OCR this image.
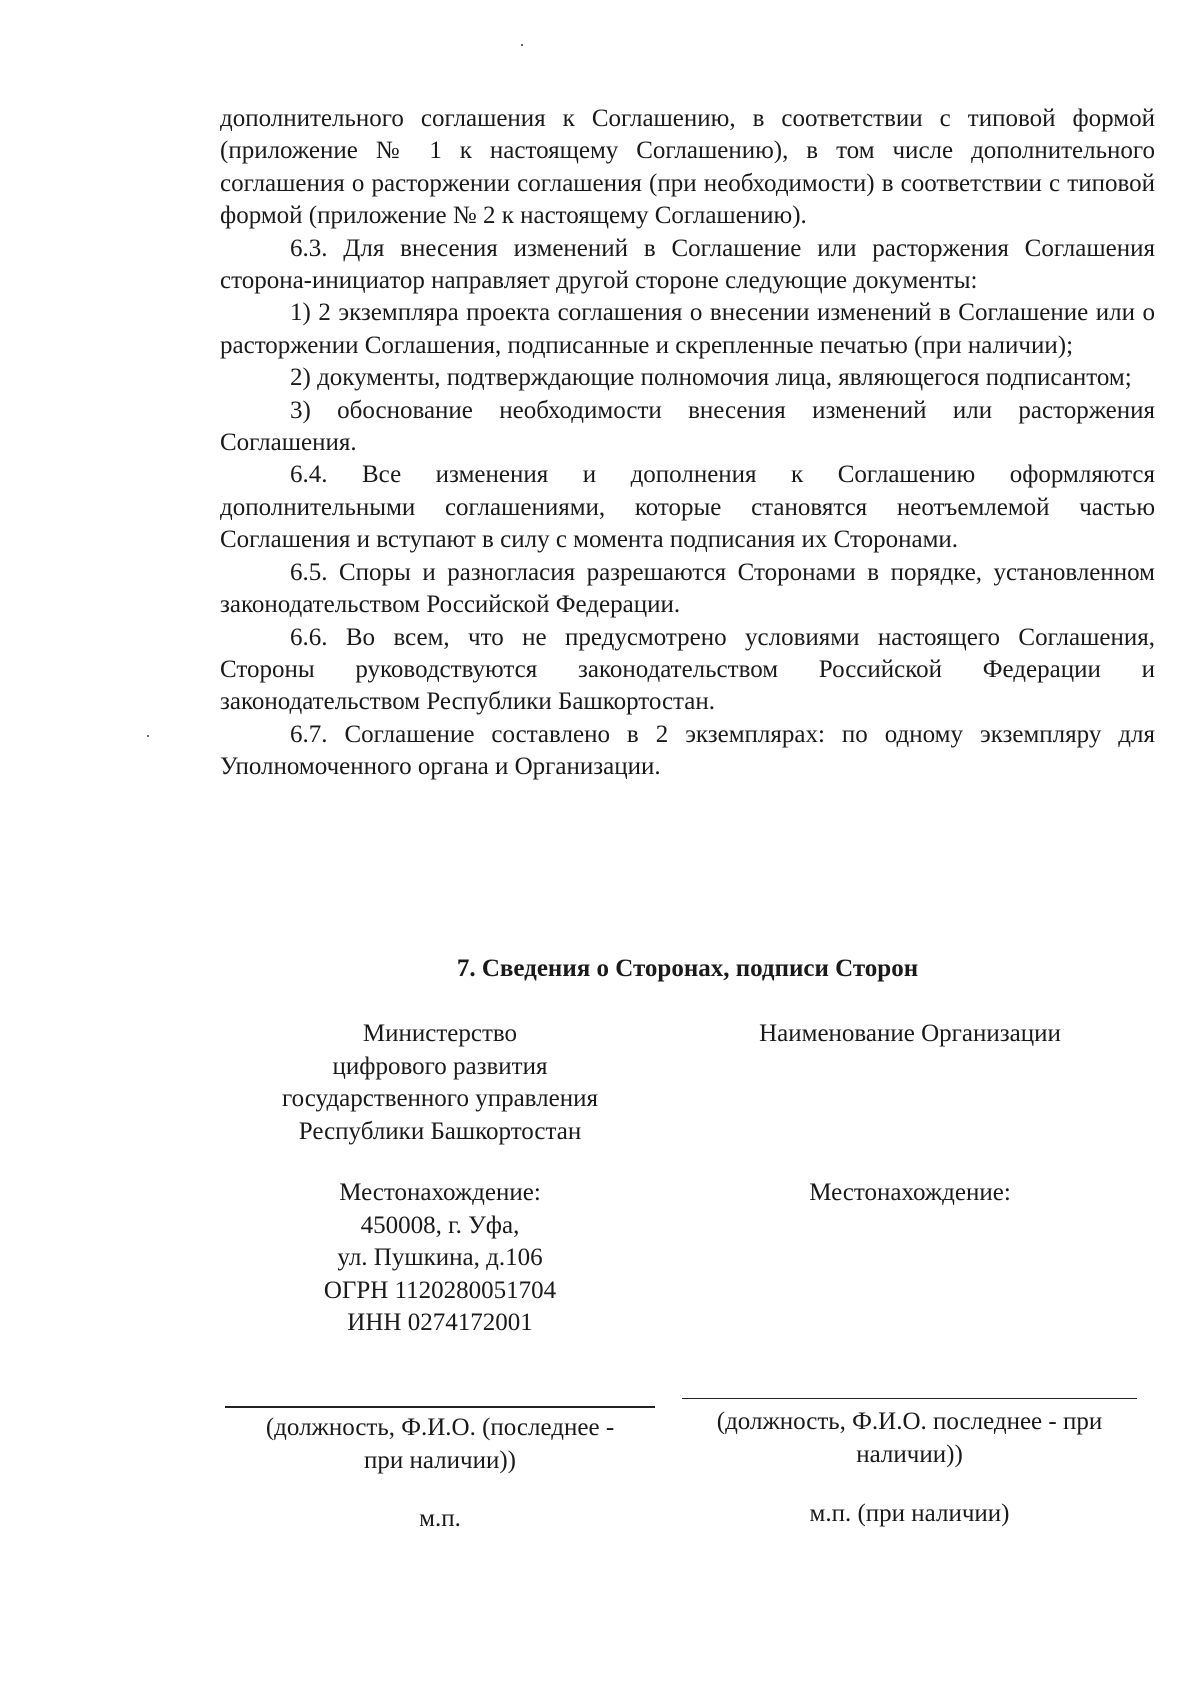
дополнительного соглашения к Соглашению, в соответствии с типовой формой (приложение № 1 к настоящему Соглашению), в том числе дополнительного соглашения о расторжении соглашения (при необходимости) в соответствии с типовой формой (приложение № 2 к настоящему Соглашению).

6.3. Для внесения изменений в Соглашение или расторжения Соглашения сторона-инициатор направляет другой стороне следующие документы:

1) 2 экземпляра проекта соглашения о внесении изменений в Соглашение или о расторжении Соглашения, подписанные и скрепленные печатью (при наличии);

2) документы, подтверждающие полномочия лица, являющегося подписантом;

3) обоснование необходимости внесения изменений или расторжения Соглашения.

6.4. Все изменения и дополнения к Соглашению оформляются дополнительными соглашениями, которые становятся неотъемлемой частью Соглашения и вступают в силу с момента подписания их Сторонами.

6.5. Споры и разногласия разрешаются Сторонами в порядке, установленном законодательством Российской Федерации.

6.6. Во всем, что не предусмотрено условиями настоящего Соглашения, Стороны руководствуются законодательством Российской Федерации и законодательством Республики Башкортостан.

6.7. Соглашение составлено в 2 экземплярах: по одному экземпляру для Уполномоченного органа и Организации.

7. Сведения о Сторонах, подписи Сторон
Министерство
цифрового развития
государственного управления
Республики Башкортостан
Местонахождение:
450008, г. Уфа,
ул. Пушкина, д.106
ОГРН 1120280051704
ИНН 0274172001
Наименование Организации
Местонахождение:
(должность, Ф.И.О. (последнее -
при наличии))
(должность, Ф.И.О. последнее - при
наличии))
м.п.	м.п. (при наличии)
